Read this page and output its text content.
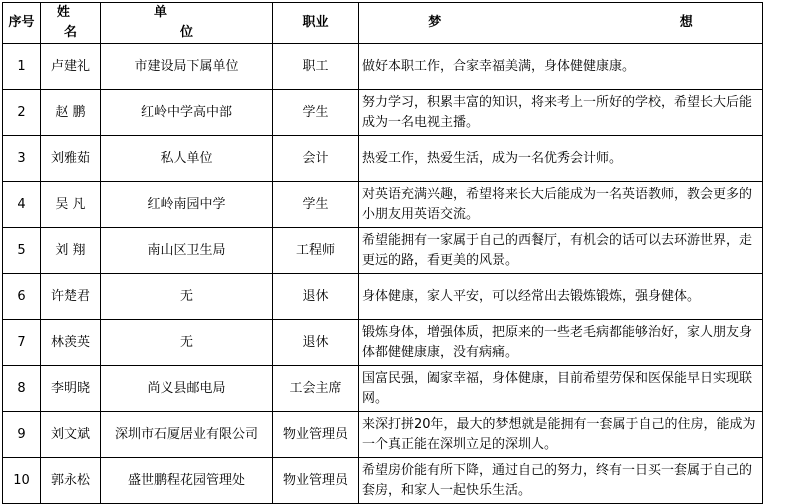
序号	姓 名	单 位	职业	梦 想
1	卢建礼	市建设局下属单位	职工	做好本职工作，合家幸福美满，身体健健康康。
2	赵 鹏	红岭中学高中部	学生	努力学习，积累丰富的知识，将来考上一所好的学校，希望长大后能成为一名电视主播。
3	刘雅茹	私人单位	会计	热爱工作，热爱生活，成为一名优秀会计师。
4	吴 凡	红岭南园中学	学生	对英语充满兴趣，希望将来长大后能成为一名英语教师，教会更多的小朋友用英语交流。
5	刘 翔	南山区卫生局	工程师	希望能拥有一家属于自己的西餐厅，有机会的话可以去环游世界，走更远的路，看更美的风景。
6	许楚君	无	退休	身体健康，家人平安，可以经常出去锻炼锻炼，强身健体。
7	林羡英	无	退休	锻炼身体，增强体质，把原来的一些老毛病都能够治好，家人朋友身体都健健康康，没有病痛。
8	李明晓	尚义县邮电局	工会主席	国富民强，阖家幸福，身体健康，目前希望劳保和医保能早日实现联网。
9	刘文斌	深圳市石厦居业有限公司	物业管理员	来深打拼20年，最大的梦想就是能拥有一套属于自己的住房，能成为一个真正能在深圳立足的深圳人。
10	郭永松	盛世鹏程花园管理处	物业管理员	希望房价能有所下降，通过自己的努力，终有一日买一套属于自己的套房，和家人一起快乐生活。
